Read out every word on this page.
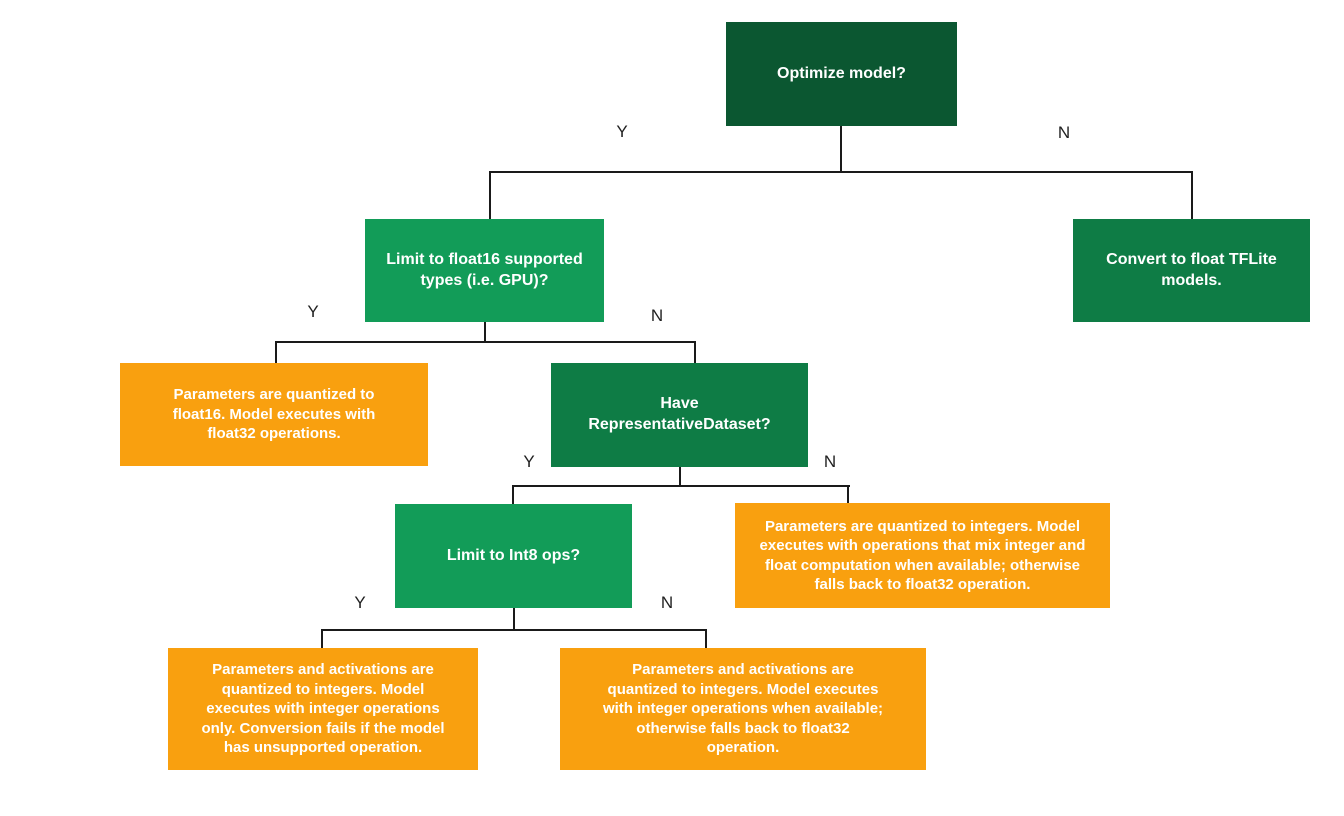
Y	N
Y	N
Y	N
Y	N
Optimize model?
Limit to float16 supported
types (i.e. GPU)?
Convert to float TFLite
models.
Parameters are quantized to
float16. Model executes with
float32 operations.
Have
RepresentativeDataset?
Limit to Int8 ops?
Parameters are quantized to integers. Model
executes with operations that mix integer and
float computation when available; otherwise
falls back to float32 operation.
Parameters and activations are
quantized to integers. Model
executes with integer operations
only. Conversion fails if the model
has unsupported operation.
Parameters and activations are
quantized to integers. Model executes
with integer operations when available;
otherwise falls back to float32
operation.
